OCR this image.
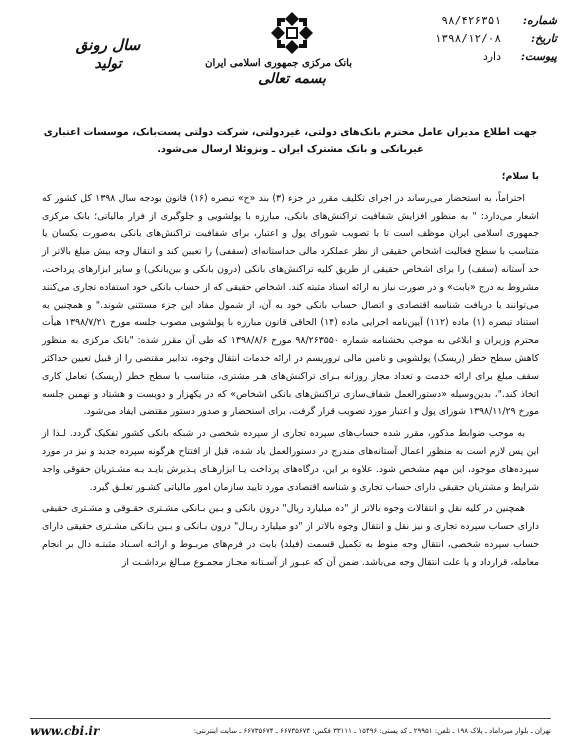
شماره:
۹۸/۴۲۶۳۵۱
تاریخ:
۱۳۹۸/۱۲/۰۸
پیوست:
دارد
بانک مرکزی جمهوری اسلامی ایران
بسمه تعالی
سال رونق
تولید

جهت اطلاع مدیران عامل محترم بانک‌های دولتی، غیردولتی، شرکت دولتی پست‌بانک، موسسات اعتباری غیربانکی و بانک مشترک ایران ـ ونزوئلا ارسال می‌شود.

با سلام؛

احتراماً، به استحضار می‌رساند در اجرای تکلیف مقرر در جزء (۳) بند «ح» تبصره (۱۶) قانون بودجه سال ۱۳۹۸ کل کشور که اشعار می‌دارد: " به منظور افزایش شفافیت تراکنش‌های بانکی، مبارزه با پولشویی و جلوگیری از فرار مالیاتی؛ بانک مرکزی جمهوری اسلامی ایران موظف است تا با تصویب شورای پول و اعتبار، برای شفافیت تراکنش‌های بانکی به‌صورت یکسان یا متناسب با سطح فعالیت اشخاص حقیقی از نظر عملکرد مالی حداستانه‌ای (سقفی) را تعیین کند و انتقال وجه بیش مبلغ بالاتر از حد آستانه (سقف) را برای اشخاص حقیقی از طریق کلیه تراکنش‌های بانکی (درون بانکی و بین‌بانکی) و سایر ابزارهای پرداخت، مشروط به درج «بابت» و در صورت نیاز به ارائه اسناد مثبته کند. اشخاص حقیقی که از حساب بانکی خود استفاده تجاری می‌کنند می‌توانند با دریافت شناسه اقتصادی و اتصال حساب بانکی خود به آن، از شمول مفاد این جزء مستثنی شوند." و همچنین به استناد تبصره (۱) ماده (۱۱۲) آیین‌نامه اجرایی ماده (۱۴) الحاقی قانون مبارزه با پولشویی مصوب جلسه مورخ ۱۳۹۸/۷/۲۱ هیأت محترم وزیران و ابلاغی به موجب بخشنامه شماره ۹۸/۲۶۳۵۵۰ مورخ ۱۳۹۸/۸/۶ که طی آن مقرر شده: "بانک مرکزی به منظور کاهش سطح خطر (ریسک) پولشویی و تامین مالی تروریسم در ارائه خدمات انتقال وجوه، تدابیر مقتضی را از قبیل تعیین حداکثر سقف مبلغ برای ارائه خدمت و تعداد مجاز روزانه بـرای تراکنش‌های هـر مشتری، متناسب با سطح خطر (ریسک) تعامل کاری اتخاذ کند."، بدین‌وسیله «دستورالعمل شفاف‌سازی تراکنش‌های بانکی اشخاص» که در یکهزار و دویست و هشتاد و نهمین جلسه مورخ ۱۳۹۸/۱۱/۲۹ شورای پول و اعتبار مورد تصویب قرار گرفت، برای استحضار و صدور دستور مقتضی ایفاد می‌شود.

به موجب ضوابط مذکور، مقرر شده حساب‌های سپرده تجاری از سپرده شخصی در شبکه بانکی کشور تفکیک گردد. لـذا از این پس لازم است به منظور اعمال آستانه‌های مندرج در دستورالعمل یاد شده، قبل از افتتاح هرگونه سپرده جدید و نیز در مورد سپرده‌های موجود، این مهم مشخص شود. علاوه بر این، درگاه‌های پرداخت یـا ابزارهـای پـذیرش بایـد بـه مشـتریان حقوقی واجد شرایط و مشتریان حقیقی دارای حساب تجاری و شناسه اقتصادی مورد تایید سازمان امور مالیاتی کشـور تعلـق گیرد.

همچنین در کلیه نقل و انتقالات وجوه بالاتر از "ده میلیارد ریال" درون بانکی و بـین بـانکی مشـتری حقـوقی و مشـتری حقیقی دارای حساب سپرده تجاری و نیز نقل و انتقال وجوه بالاتر از "دو میلیارد ریـال" درون بـانکی و بـین بـانکی مشـتری حقیقی دارای حساب سپرده شخصی، انتقال وجه منوط به تکمیل قسمت (فیلد) بابت در فرم‌های مربـوط و ارائـه اسـناد مثبتـه دال بر انجام معامله، قرارداد و یا علت انتقال وجه می‌باشد. ضمن آن که عبـور از آسـتانه مجـاز مجمـوع مبـالغ برداشـت از

تهران ـ بلوار میرداماد ـ پلاک ۱۹۸ ـ تلفن: ۲۹۹۵۱ ـ کد پستی: ۱۵۴۹۶ ـ ۳۳۱۱۱ فکس: ۶۶۷۳۵۶۷۴ ـ ۶۶۷۳۵۶۷۴ ـ سایت اینترنتی:
www.cbi.ir
